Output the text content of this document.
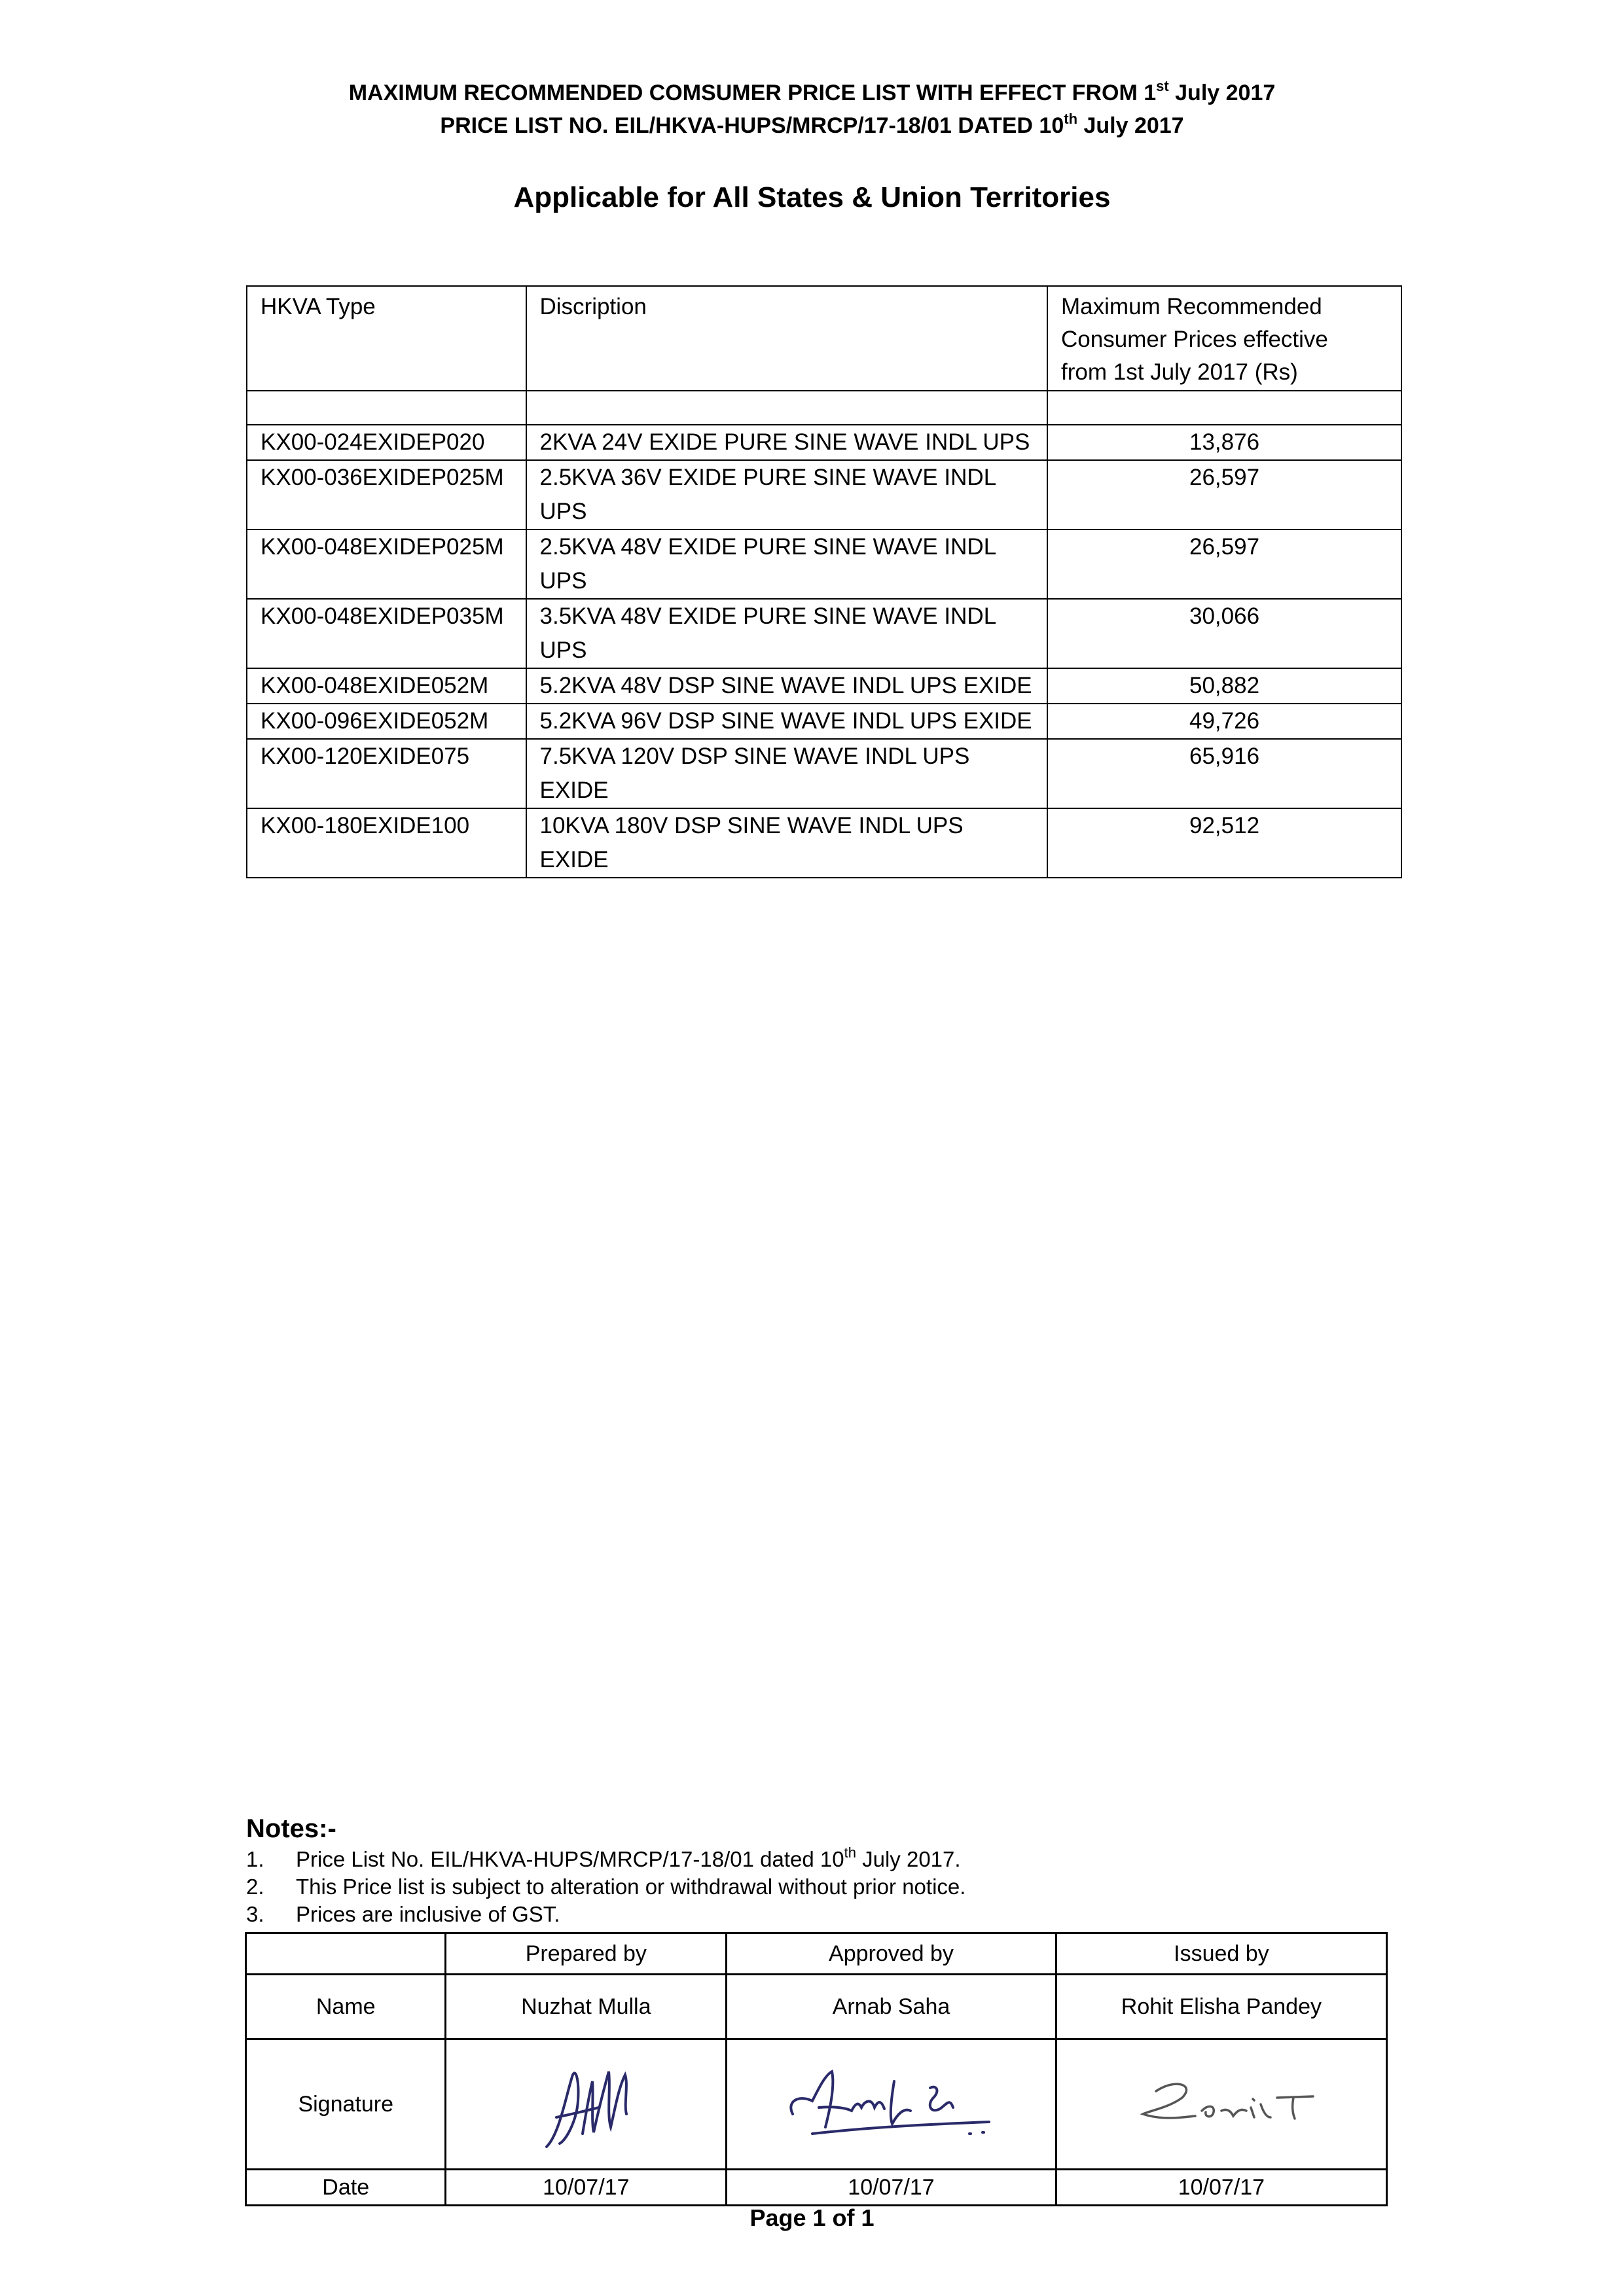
MAXIMUM RECOMMENDED COMSUMER PRICE LIST WITH EFFECT FROM 1st July 2017
PRICE LIST NO. EIL/HKVA-HUPS/MRCP/17-18/01 DATED 10th July 2017
Applicable for All States & Union Territories
HKVA Type	Discription	Maximum Recommended
Consumer Prices effective
from 1st July 2017 (Rs)

KX00-024EXIDEP020	2KVA 24V EXIDE PURE SINE WAVE INDL UPS	13,876
KX00-036EXIDEP025M	2.5KVA 36V EXIDE PURE SINE WAVE INDL UPS	26,597
KX00-048EXIDEP025M	2.5KVA 48V EXIDE PURE SINE WAVE INDL UPS	26,597
KX00-048EXIDEP035M	3.5KVA 48V EXIDE PURE SINE WAVE INDL UPS	30,066
KX00-048EXIDE052M	5.2KVA 48V DSP SINE WAVE INDL UPS EXIDE	50,882
KX00-096EXIDE052M	5.2KVA 96V DSP SINE WAVE INDL UPS EXIDE	49,726
KX00-120EXIDE075	7.5KVA 120V DSP SINE WAVE INDL UPS EXIDE	65,916
KX00-180EXIDE100	10KVA 180V DSP SINE WAVE INDL UPS EXIDE	92,512
Notes:-
1.	Price List No. EIL/HKVA-HUPS/MRCP/17-18/01 dated 10th July 2017.
2.	This Price list is subject to alteration or withdrawal without prior notice.
3.	Prices are inclusive of GST.
	Prepared by	Approved by	Issued by
Name	Nuzhat Mulla	Arnab Saha	Rohit Elisha Pandey
Signature	

Date	10/07/17	10/07/17	10/07/17
Page 1 of 1
